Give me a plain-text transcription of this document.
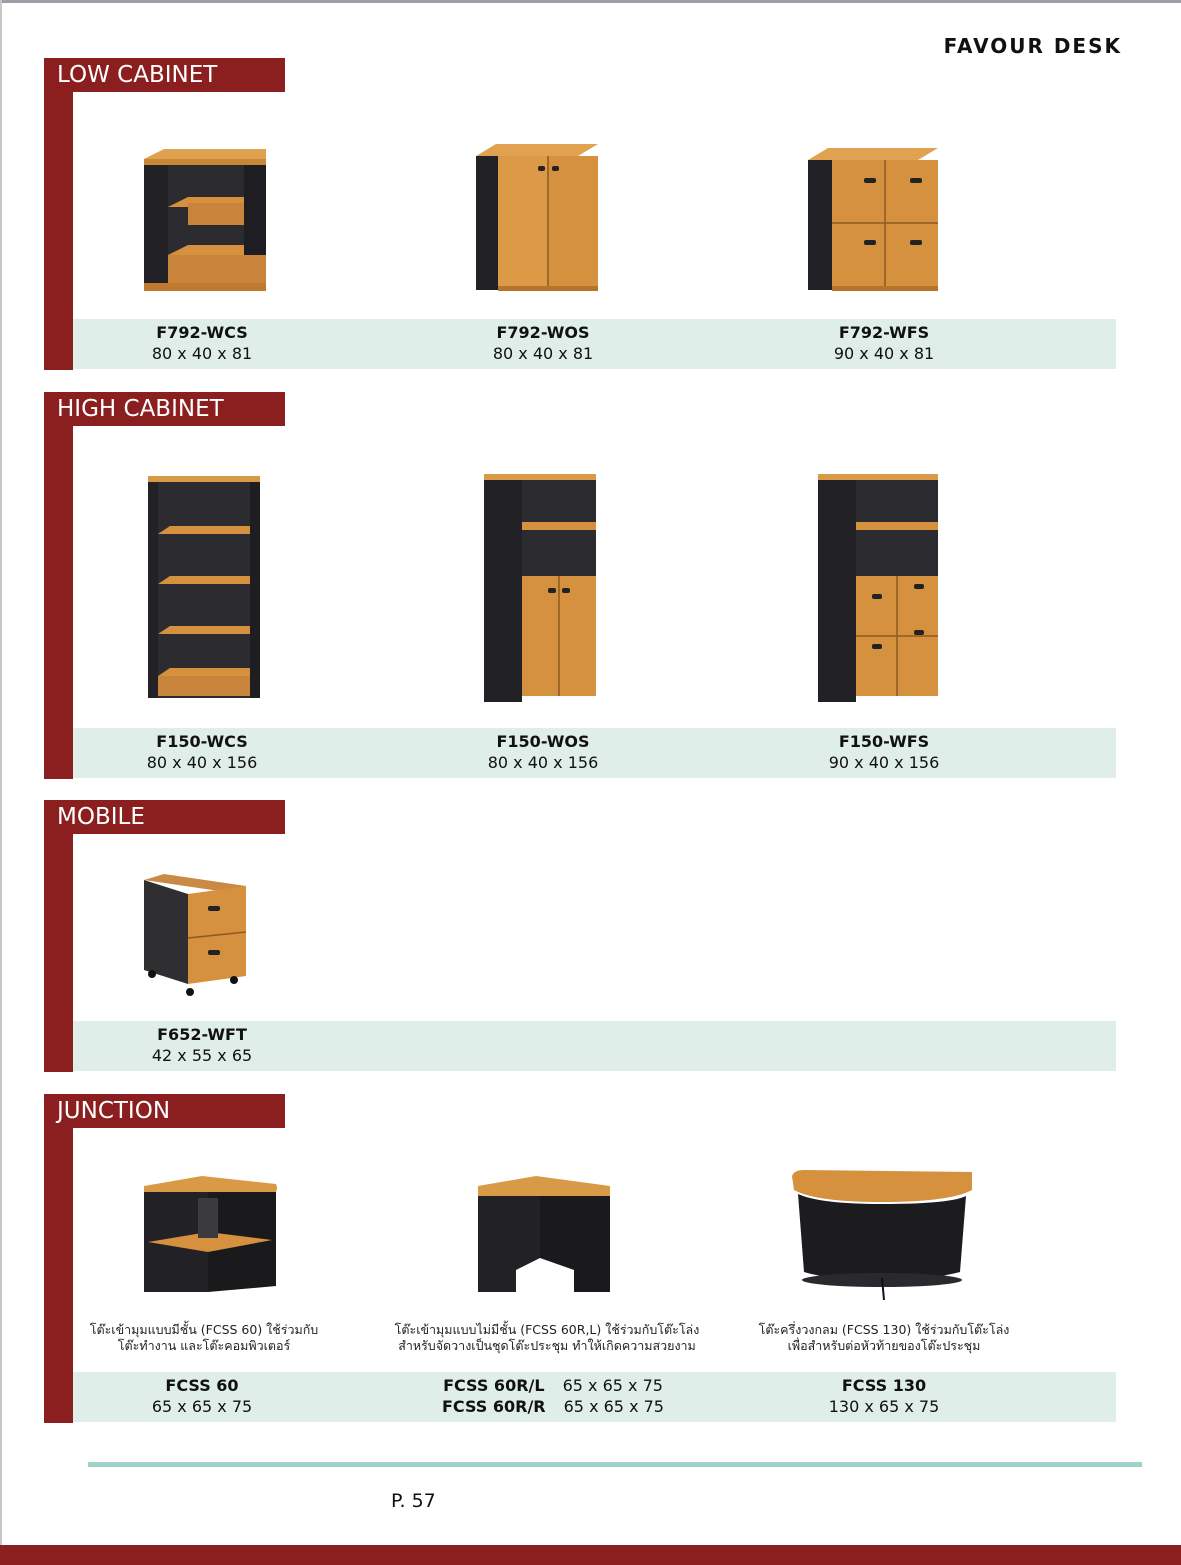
FAVOUR DESK
LOW CABINET
F792-WCS
80 x 40 x 81
F792-WOS
80 x 40 x 81
F792-WFS
90 x 40 x 81
HIGH CABINET
F150-WCS
80 x 40 x 156
F150-WOS
80 x 40 x 156
F150-WFS
90 x 40 x 156
MOBILE
F652-WFT
42 x 55 x 65
JUNCTION
โต๊ะเข้ามุมแบบมีชั้น (FCSS 60) ใช้ร่วมกับ
โต๊ะทำงาน และโต๊ะคอมพิวเตอร์
โต๊ะเข้ามุมแบบไม่มีชั้น (FCSS 60R,L) ใช้ร่วมกับโต๊ะโล่ง
สำหรับจัดวางเป็นชุดโต๊ะประชุม ทำให้เกิดความสวยงาม
โต๊ะครึ่งวงกลม (FCSS 130) ใช้ร่วมกับโต๊ะโล่ง
เพื่อสำหรับต่อหัวท้ายของโต๊ะประชุม
FCSS 60
65 x 65 x 75
FCSS 60R/L 65 x 65 x 75
FCSS 60R/R 65 x 65 x 75
FCSS 130
130 x 65 x 75
P. 57
